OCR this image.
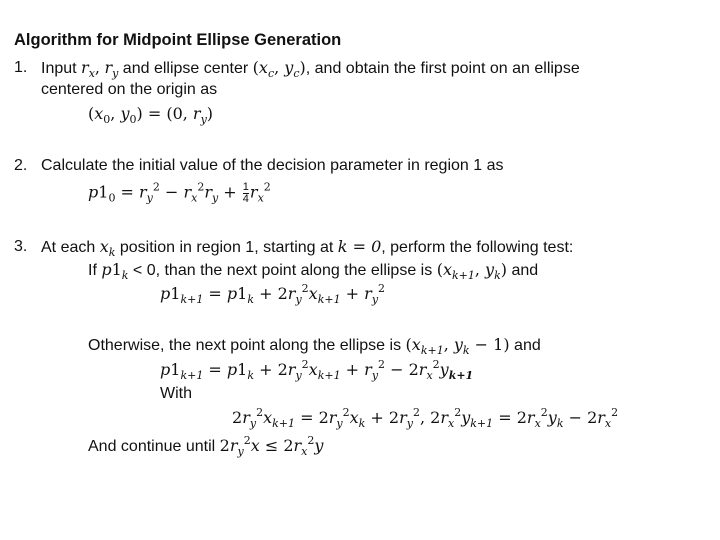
Algorithm for Midpoint Ellipse Generation
1. Input $r_x$, $r_y$ and ellipse center ($x_c$, $y_c$), and obtain the first point on an ellipse
centered on the origin as
($x_0$, $y_0) = (0$, $r_y$)
2. Calculate the initial value of the decision parameter in region 1 as
$p1_0 = r_y^2 - r_x^2r_y + \frac{1}{4} r_x^2$
3. At each $x_k$ position in region 1, starting at k = 0, perform the following test:
If $p1_k < 0$, than the next point along the ellipse is ($x_{k+1}$, $y_k$) and
$p1_{k+1} = p1_k + 2r_y^2x_{k+1} + r_y^2$
Otherwise, the next point along the ellipse is ($x_{k+1}$, $y_k - 1$) and
$p1_{k+1} = p1_k + 2r_y^2x_{k+1} + r_y^2 - 2r_x^2y_{k+1}$
With
$2r_y^2x_{k+1} = 2r_y^2x_k + 2r_y^2$, $2r_x^2y_{k+1} = 2r_x^2y_k - 2r_x^2$
And continue until $2r_y^2x \le 2r_x^2y$
